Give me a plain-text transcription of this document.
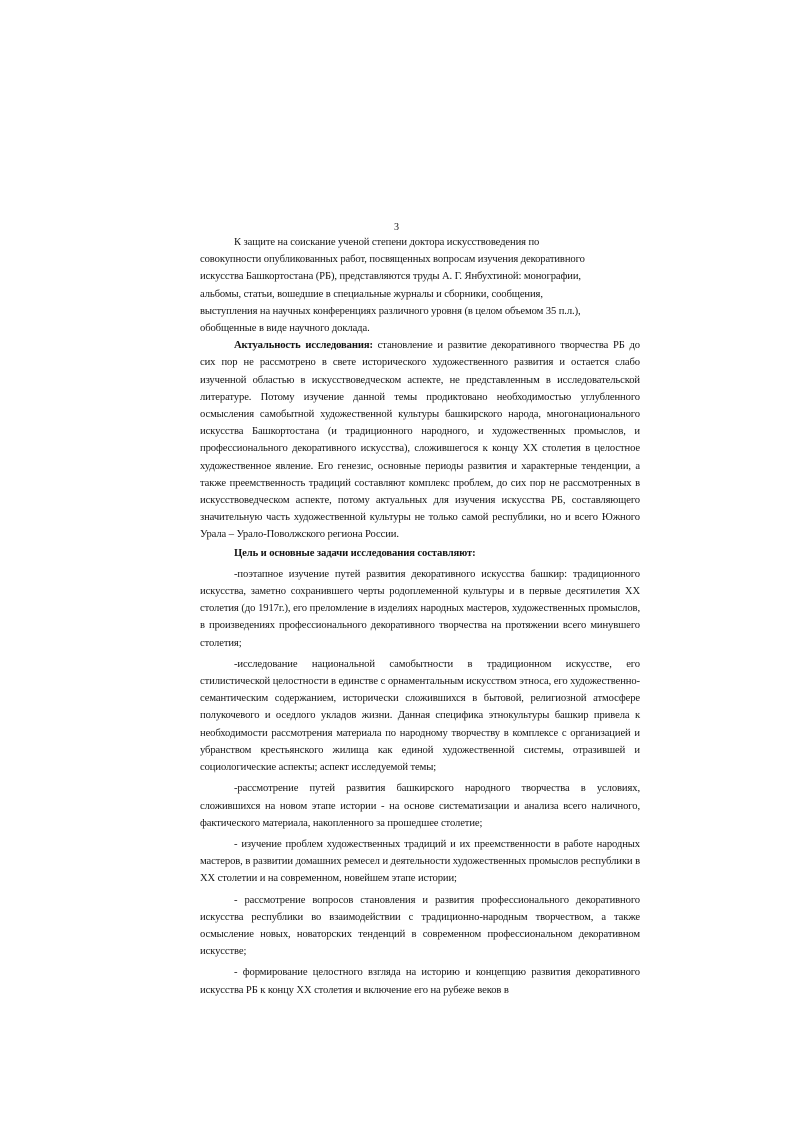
3

К защите на соискание ученой степени доктора искусствоведения по
совокупности опубликованных работ, посвященных вопросам изучения декоративного
искусства Башкортостана (РБ), представляются труды А. Г. Янбухтиной: монографии,
альбомы, статьи, вошедшие в специальные журналы и сборники, сообщения,
выступления на научных конференциях различного уровня (в целом объемом 35 п.л.),
обобщенные в виде научного доклада.

Актуальность исследования: становление и развитие декоративного творчества РБ до сих пор не рассмотрено в свете исторического художественного развития и остается слабо изученной областью в искусствоведческом аспекте, не представленным в исследовательской литературе. Потому изучение данной темы продиктовано необходимостью углубленного осмысления самобытной художественной культуры башкирского народа, многонационального искусства Башкортостана (и традиционного народного, и художественных промыслов, и профессионального декоративного искусства), сложившегося к концу XX столетия в целостное художественное явление. Его генезис, основные периоды развития и характерные тенденции, а также преемственность традиций составляют комплекс проблем, до сих пор не рассмотренных в искусствоведческом аспекте, потому актуальных для изучения искусства РБ, составляющего значительную часть художественной культуры не только самой республики, но и всего Южного Урала – Урало-Поволжского региона России.

Цель и основные задачи исследования составляют:

-поэтапное изучение путей развития декоративного искусства башкир: традиционного искусства, заметно сохранившего черты родоплеменной культуры и в первые десятилетия XX столетия (до 1917г.), его преломление в изделиях народных мастеров, художественных промыслов, в произведениях профессионального декоративного творчества на протяжении всего минувшего столетия;

-исследование национальной самобытности в традиционном искусстве, его стилистической целостности в единстве с орнаментальным искусством этноса, его художественно-семантическим содержанием, исторически сложившихся в бытовой, религиозной атмосфере полукочевого и оседлого укладов жизни. Данная специфика этнокультуры башкир привела к необходимости рассмотрения материала по народному творчеству в комплексе с организацией и убранством крестьянского жилища как единой художественной системы, отразившей и социологические аспекты; аспект исследуемой темы;

-рассмотрение путей развития башкирского народного творчества в условиях, сложившихся на новом этапе истории - на основе систематизации и анализа всего наличного, фактического материала, накопленного за прошедшее столетие;

- изучение проблем художественных традиций и их преемственности в работе народных мастеров, в развитии домашних ремесел и деятельности художественных промыслов республики в XX столетии и на современном, новейшем этапе истории;

- рассмотрение вопросов становления и развития профессионального декоративного искусства республики во взаимодействии с традиционно-народным творчеством, а также осмысление новых, новаторских тенденций в современном профессиональном декоративном искусстве;

- формирование целостного взгляда на историю и концепцию развития декоративного искусства РБ к концу XX столетия и включение его на рубеже веков в
